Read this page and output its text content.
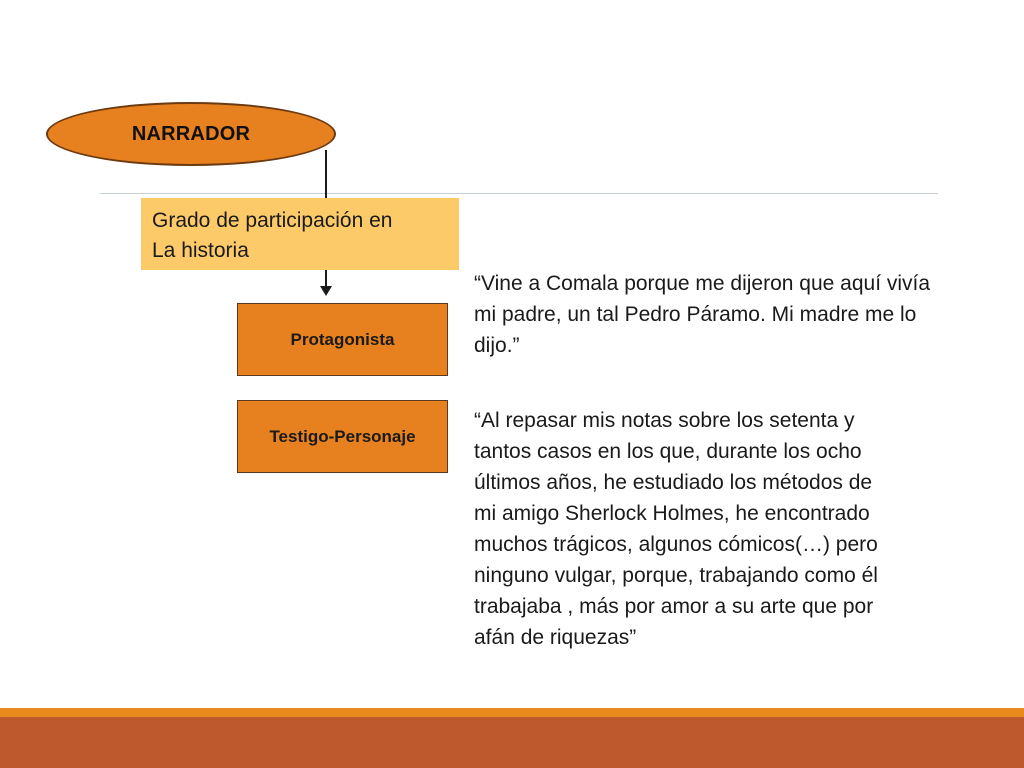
NARRADOR
Grado de participación en
La historia
Protagonista
Testigo-Personaje

“Vine a Comala porque me dijeron que aquí vivía
mi padre, un tal Pedro Páramo. Mi madre me lo
dijo.”

“Al repasar mis notas sobre los setenta y
tantos casos en los que, durante los ocho
últimos años, he estudiado los métodos de
mi amigo Sherlock Holmes, he encontrado
muchos trágicos, algunos cómicos(…) pero
ninguno vulgar, porque, trabajando como él
trabajaba , más por amor a su arte que por
afán de riquezas”
